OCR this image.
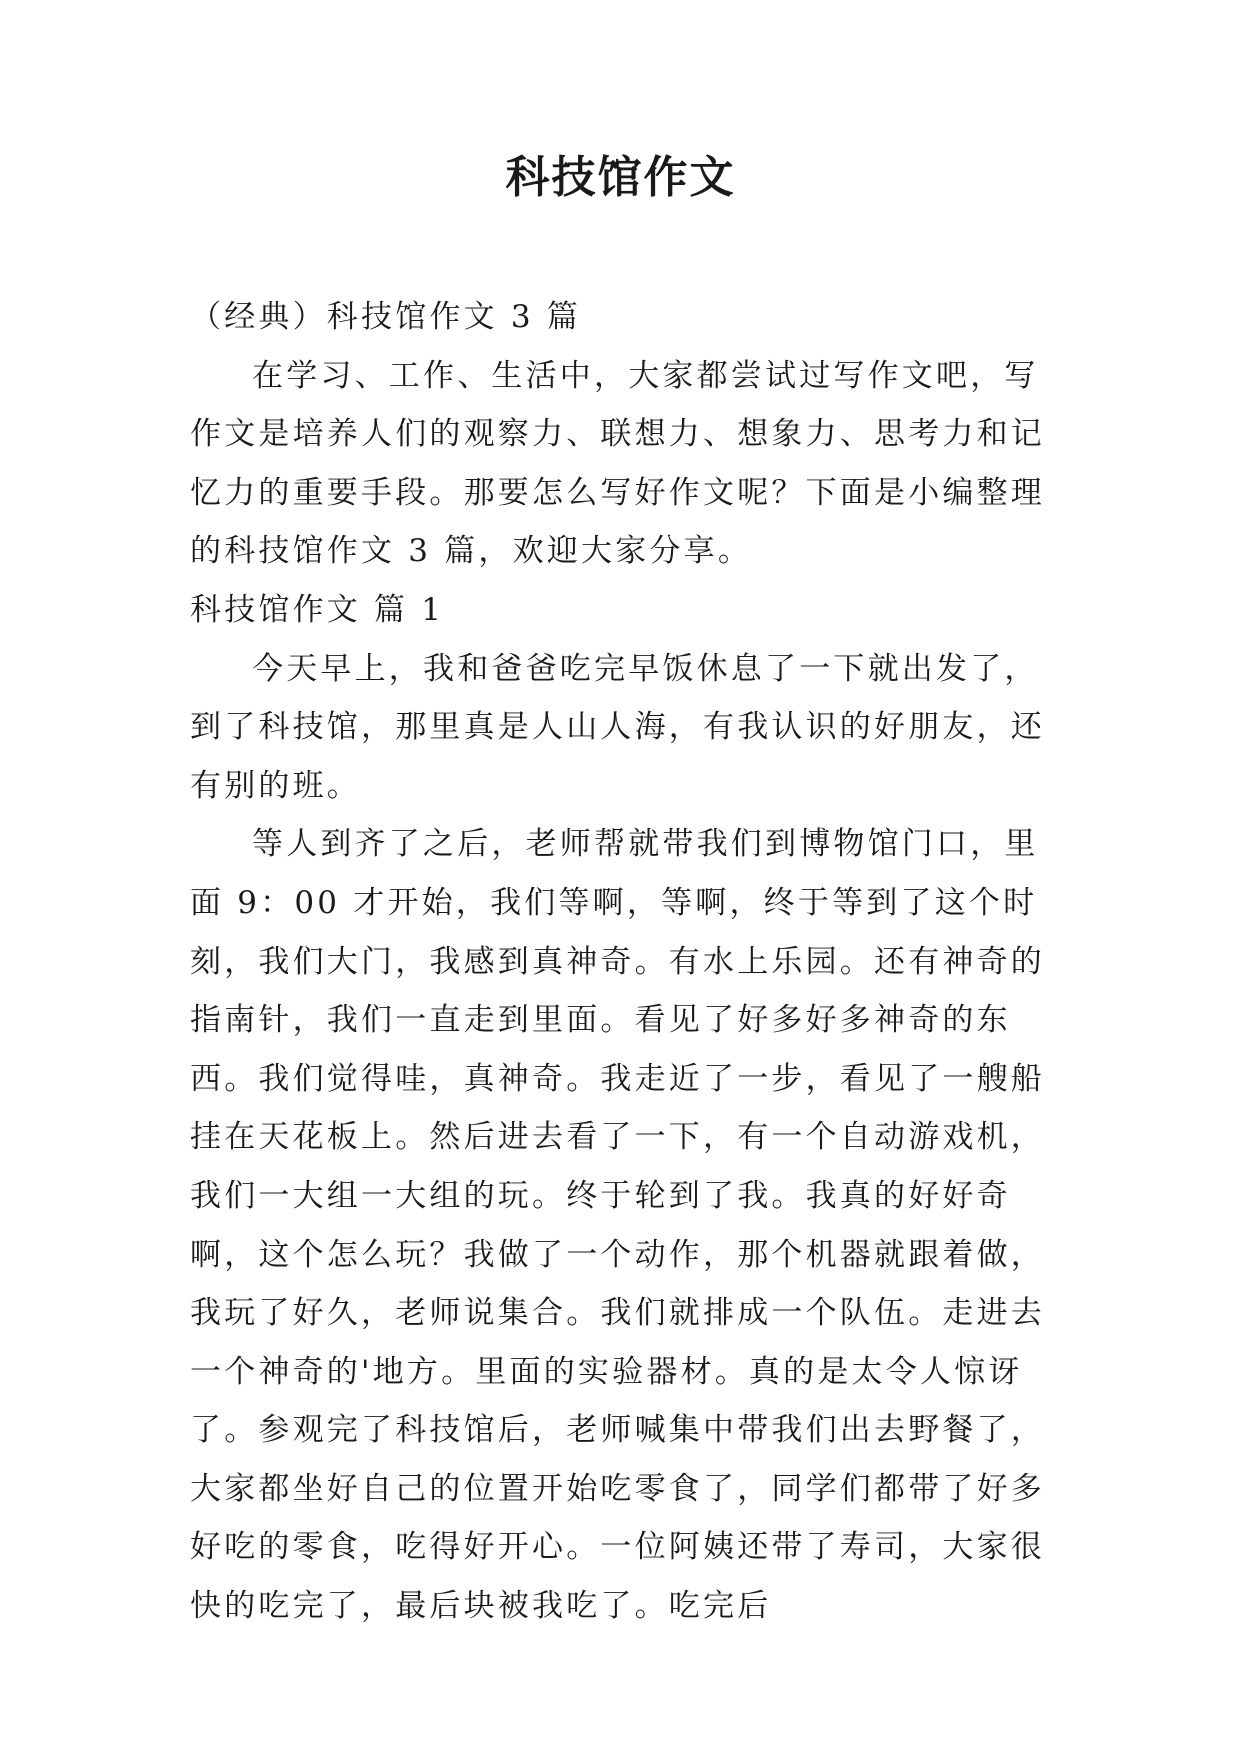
科技馆作文

（经典）科技馆作文 3 篇

在学习、工作、生活中，大家都尝试过写作文吧，写作文是培养人们的观察力、联想力、想象力、思考力和记忆力的重要手段。那要怎么写好作文呢？下面是小编整理的科技馆作文 3 篇，欢迎大家分享。

科技馆作文 篇 1

今天早上，我和爸爸吃完早饭休息了一下就出发了，到了科技馆，那里真是人山人海，有我认识的好朋友，还有别的班。

等人到齐了之后，老师帮就带我们到博物馆门口，里面 9：00 才开始，我们等啊，等啊，终于等到了这个时刻，我们大门，我感到真神奇。有水上乐园。还有神奇的指南针，我们一直走到里面。看见了好多好多神奇的东西。我们觉得哇，真神奇。我走近了一步，看见了一艘船挂在天花板上。然后进去看了一下，有一个自动游戏机，我们一大组一大组的玩。终于轮到了我。我真的好好奇啊，这个怎么玩？我做了一个动作，那个机器就跟着做，我玩了好久，老师说集合。我们就排成一个队伍。走进去一个神奇的'地方。里面的实验器材。真的是太令人惊讶了。参观完了科技馆后，老师喊集中带我们出去野餐了，大家都坐好自己的位置开始吃零食了，同学们都带了好多好吃的零食，吃得好开心。一位阿姨还带了寿司，大家很快的吃完了，最后块被我吃了。吃完后
